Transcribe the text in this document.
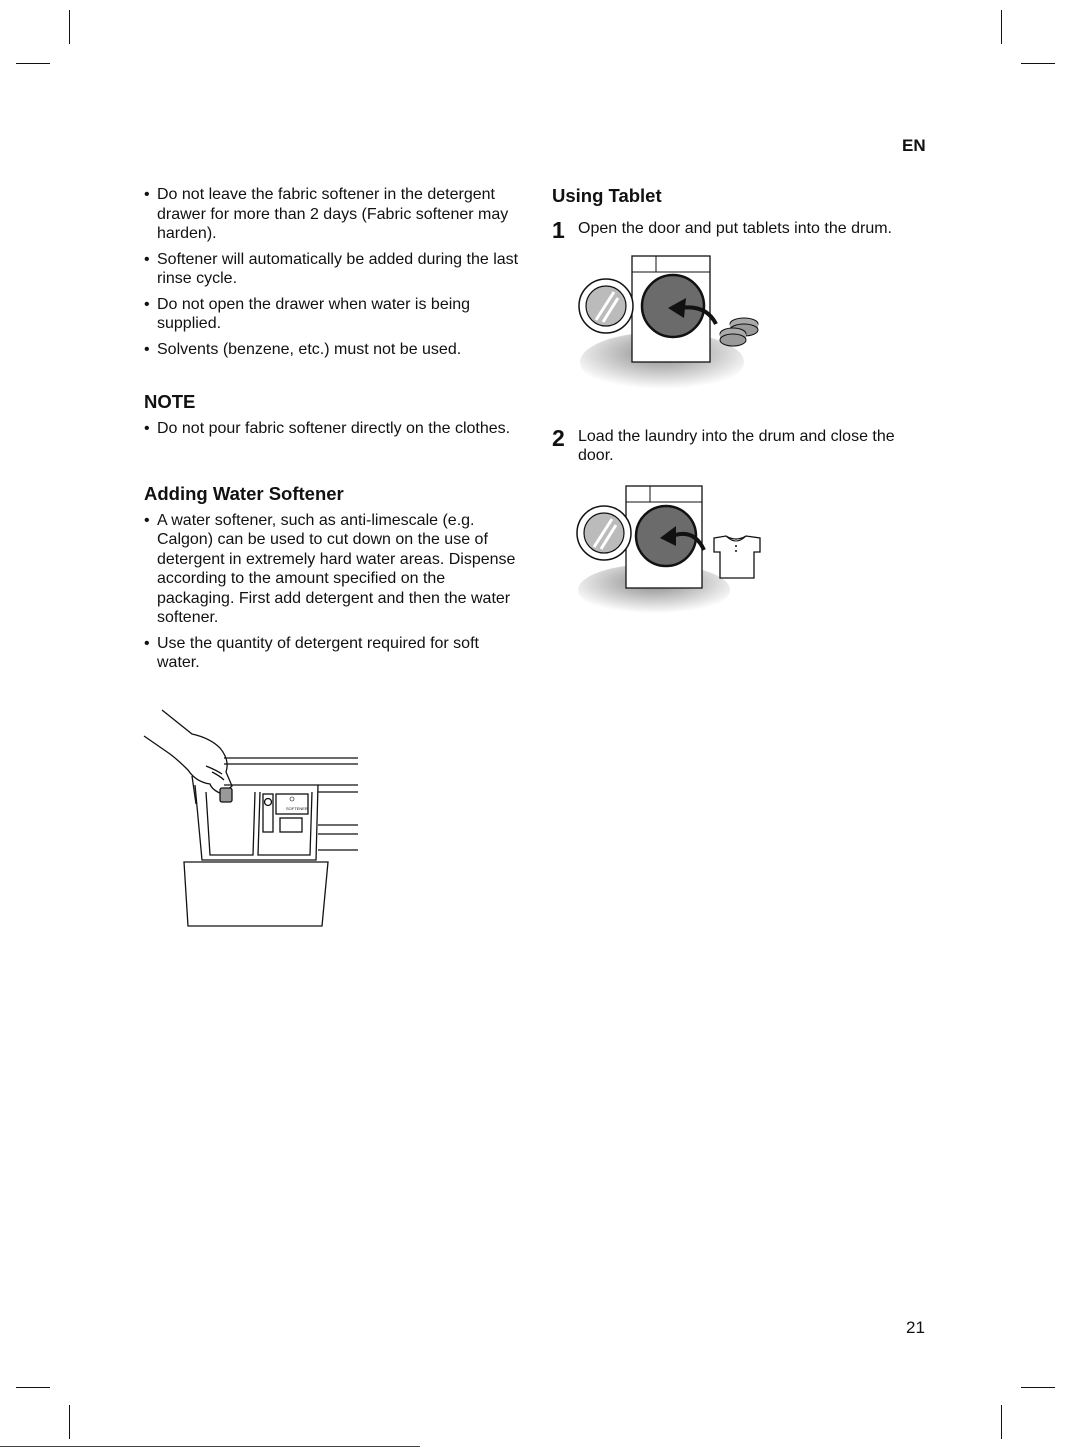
EN
• Do not leave the fabric softener in the detergent drawer for more than 2 days (Fabric softener may harden).
• Softener will automatically be added during the last rinse cycle.
• Do not open the drawer when water is being supplied.
• Solvents (benzene, etc.) must not be used.
NOTE
• Do not pour fabric softener directly on the clothes.
Adding Water Softener
• A water softener, such as anti-limescale (e.g. Calgon) can be used to cut down on the use of detergent in extremely hard water areas. Dispense according to the amount specified on the packaging. First add detergent and then the water softener.
• Use the quantity of detergent required for soft water.
SOFTENER
Using Tablet
1 Open the door and put tablets into the drum.
2 Load the laundry into the drum and close the door.
21
